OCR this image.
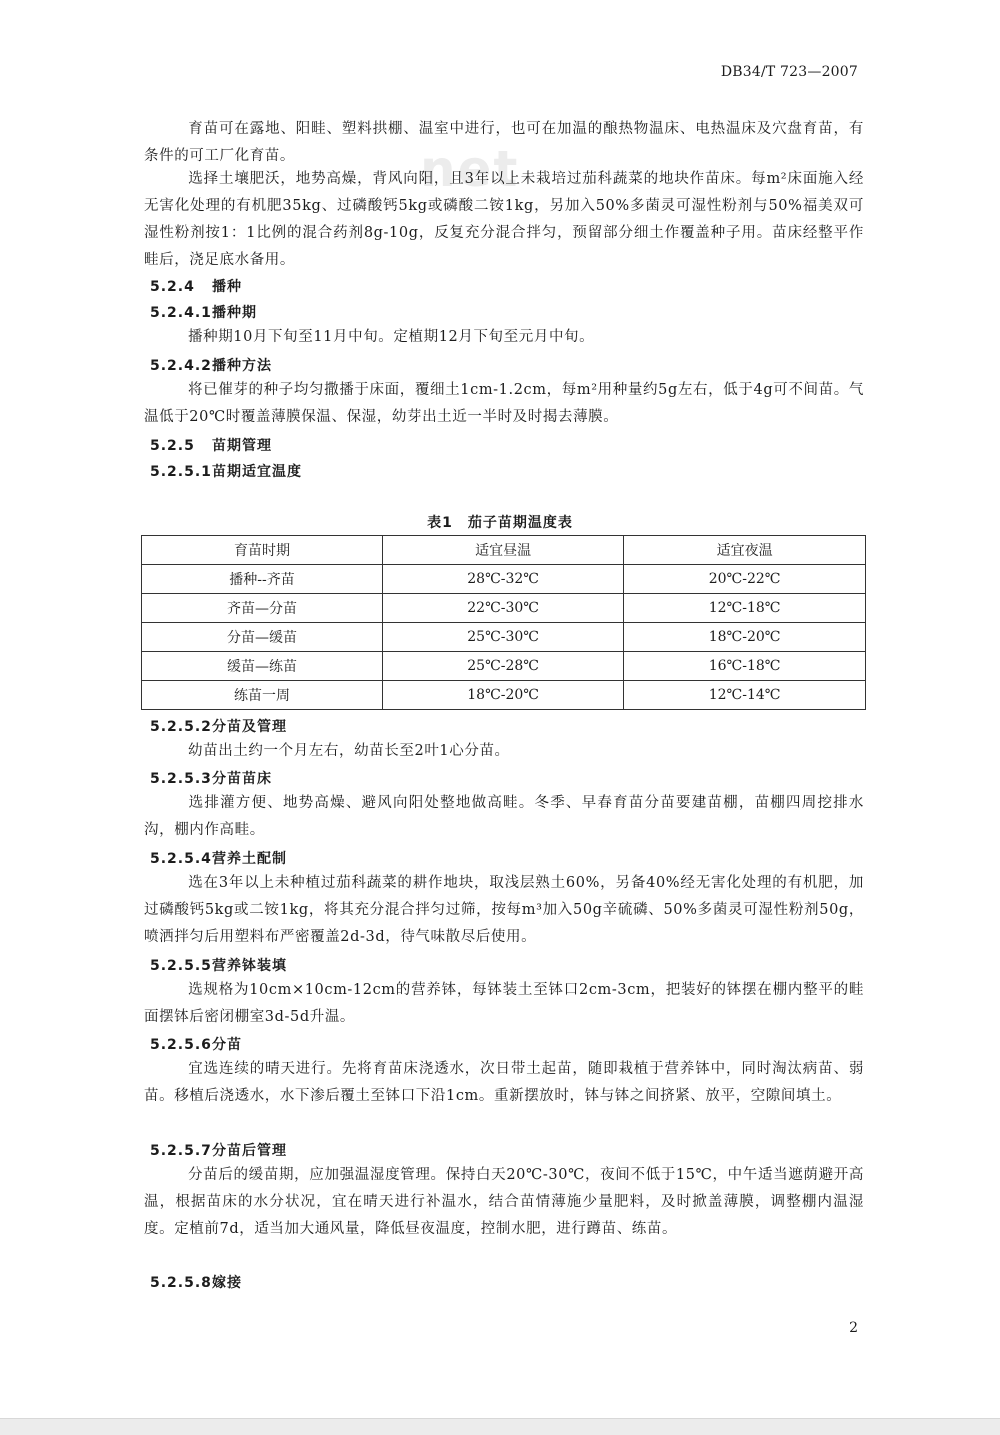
net
DB34/T 723—2007
育苗可在露地、阳畦、塑料拱棚、温室中进行，也可在加温的酿热物温床、电热温床及穴盘育苗，有条件的可工厂化育苗。
选择土壤肥沃，地势高燥，背风向阳，且3年以上未栽培过茄科蔬菜的地块作苗床。每m²床面施入经无害化处理的有机肥35kg、过磷酸钙5kg或磷酸二铵1kg，另加入50%多菌灵可湿性粉剂与50%福美双可湿性粉剂按1：1比例的混合药剂8g-10g，反复充分混合拌匀，预留部分细土作覆盖种子用。苗床经整平作畦后，浇足底水备用。
5.2.4 播种
5.2.4.1播种期
播种期10月下旬至11月中旬。定植期12月下旬至元月中旬。
5.2.4.2播种方法
将已催芽的种子均匀撒播于床面，覆细土1cm-1.2cm，每m²用种量约5g左右，低于4g可不间苗。气温低于20℃时覆盖薄膜保温、保湿，幼芽出土近一半时及时揭去薄膜。
5.2.5 苗期管理
5.2.5.1苗期适宜温度
5.2.5.2分苗及管理
幼苗出土约一个月左右，幼苗长至2叶1心分苗。
5.2.5.3分苗苗床
选排灌方便、地势高燥、避风向阳处整地做高畦。冬季、早春育苗分苗要建苗棚，苗棚四周挖排水沟，棚内作高畦。
5.2.5.4营养土配制
选在3年以上未种植过茄科蔬菜的耕作地块，取浅层熟土60%，另备40%经无害化处理的有机肥，加过磷酸钙5kg或二铵1kg，将其充分混合拌匀过筛，按每m³加入50g辛硫磷、50%多菌灵可湿性粉剂50g，喷洒拌匀后用塑料布严密覆盖2d-3d，待气味散尽后使用。
5.2.5.5营养钵装填
选规格为10cm×10cm-12cm的营养钵，每钵装土至钵口2cm-3cm，把装好的钵摆在棚内整平的畦面摆钵后密闭棚室3d-5d升温。
5.2.5.6分苗
宜选连续的晴天进行。先将育苗床浇透水，次日带土起苗，随即栽植于营养钵中，同时淘汰病苗、弱苗。移植后浇透水，水下渗后覆土至钵口下沿1cm。重新摆放时，钵与钵之间挤紧、放平，空隙间填土。
5.2.5.7分苗后管理
分苗后的缓苗期，应加强温湿度管理。保持白天20℃-30℃，夜间不低于15℃，中午适当遮荫避开高温，根据苗床的水分状况，宜在晴天进行补温水，结合苗情薄施少量肥料，及时掀盖薄膜，调整棚内温湿度。定植前7d，适当加大通风量，降低昼夜温度，控制水肥，进行蹲苗、练苗。
5.2.5.8嫁接
表1　茄子苗期温度表
育苗时期	适宜昼温	适宜夜温
播种--齐苗	28℃-32℃	20℃-22℃
齐苗—分苗	22℃-30℃	12℃-18℃
分苗—缓苗	25℃-30℃	18℃-20℃
缓苗—练苗	25℃-28℃	16℃-18℃
练苗一周	18℃-20℃	12℃-14℃
2
